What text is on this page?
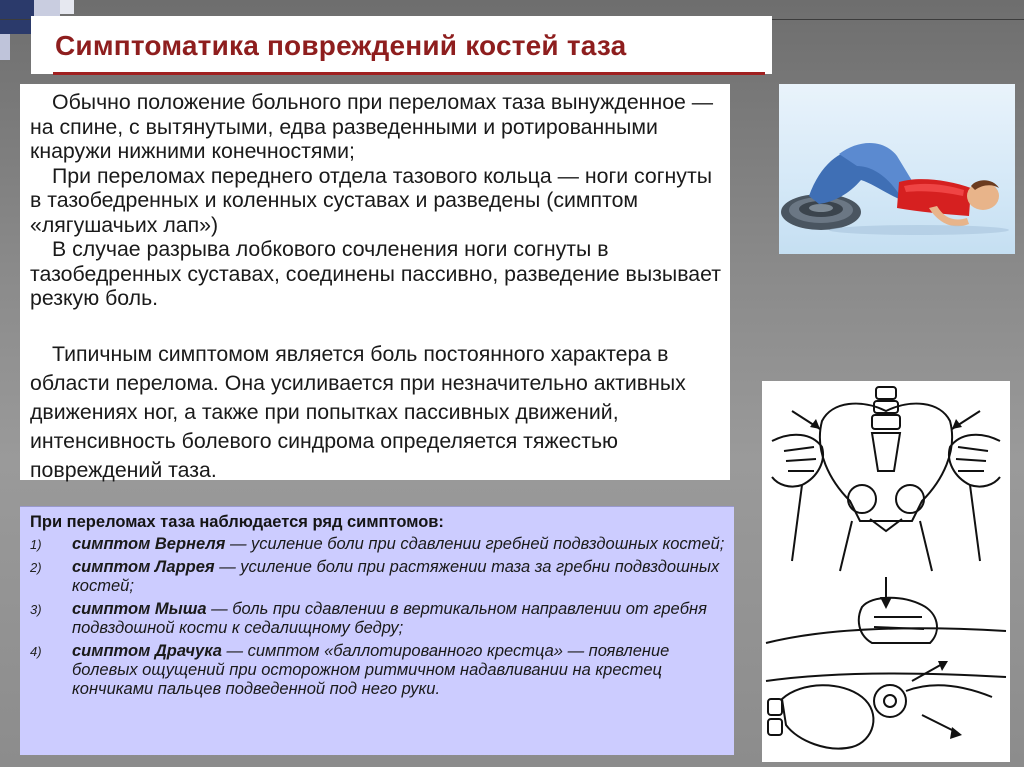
Симптоматика повреждений костей таза

Обычно положение больного при переломах таза вынужденное — на спине, с вытянутыми, едва разведенными и ротированными кнаружи нижними конечностями;

При переломах переднего отдела тазового кольца — ноги согнуты в тазобедренных и коленных суставах и разведены (симптом «лягушачьих лап»)

В случае разрыва лобкового сочленения ноги согнуты в тазобедренных суставах, соединены пассивно, разведение вызывает резкую боль.

Типичным симптомом является боль постоянного характера в области перелома. Она усиливается при незначительно активных движениях ног, а также при попытках пассивных движений, интенсивность болевого синдрома определяется тяжестью повреждений таза.

При переломах таза наблюдается ряд симптомов:
1) симптом Вернеля — усиление боли при сдавлении гребней подвздошных костей;
2) симптом Ларрея — усиление боли при растяжении таза за гребни подвздошных костей;
3) симптом Мыша — боль при сдавлении в вертикальном направлении от гребня подвздошной кости к седалищному бедру;
4) симптом Драчука — симптом «баллотированного крестца» — появление болевых ощущений при осторожном ритмичном надавливании на крестец кончиками пальцев подведенной под него руки.
